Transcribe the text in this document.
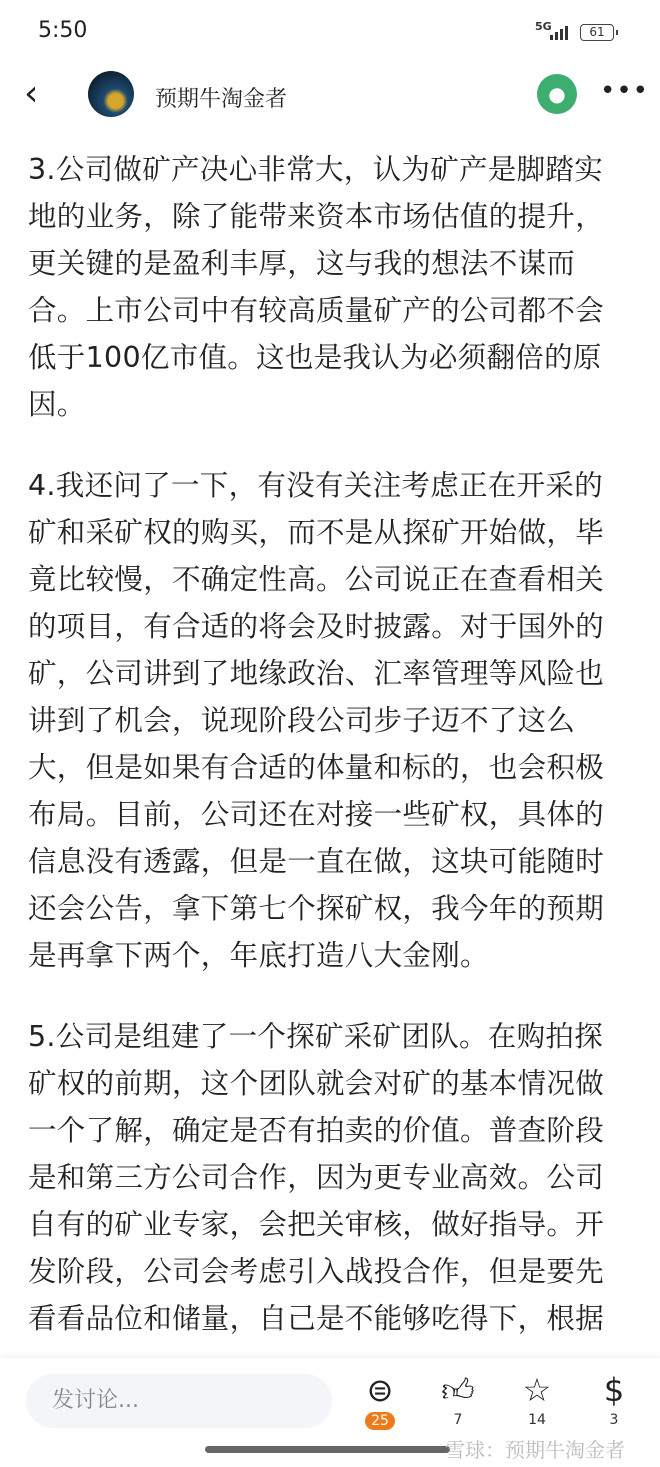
5:50	5G	61
‹	预期牛淘金者	●	•••
3.公司做矿产决心非常大，认为矿产是脚踏实
地的业务，除了能带来资本市场估值的提升，
更关键的是盈利丰厚，这与我的想法不谋而
合。上市公司中有较高质量矿产的公司都不会
低于100亿市值。这也是我认为必须翻倍的原
因。
4.我还问了一下，有没有关注考虑正在开采的
矿和采矿权的购买，而不是从探矿开始做，毕
竟比较慢，不确定性高。公司说正在查看相关
的项目，有合适的将会及时披露。对于国外的
矿，公司讲到了地缘政治、汇率管理等风险也
讲到了机会，说现阶段公司步子迈不了这么
大，但是如果有合适的体量和标的，也会积极
布局。目前，公司还在对接一些矿权，具体的
信息没有透露，但是一直在做，这块可能随时
还会公告，拿下第七个探矿权，我今年的预期
是再拿下两个，年底打造八大金刚。
5.公司是组建了一个探矿采矿团队。在购拍探
矿权的前期，这个团队就会对矿的基本情况做
一个了解，确定是否有拍卖的价值。普查阶段
是和第三方公司合作，因为更专业高效。公司
自有的矿业专家，会把关审核，做好指导。开
发阶段，公司会考虑引入战投合作，但是要先
看看品位和储量，自己是不能够吃得下，根据
发讨论...	⊜
25
👍︎
7
☆
14
$
3
雪球：预期牛淘金者
